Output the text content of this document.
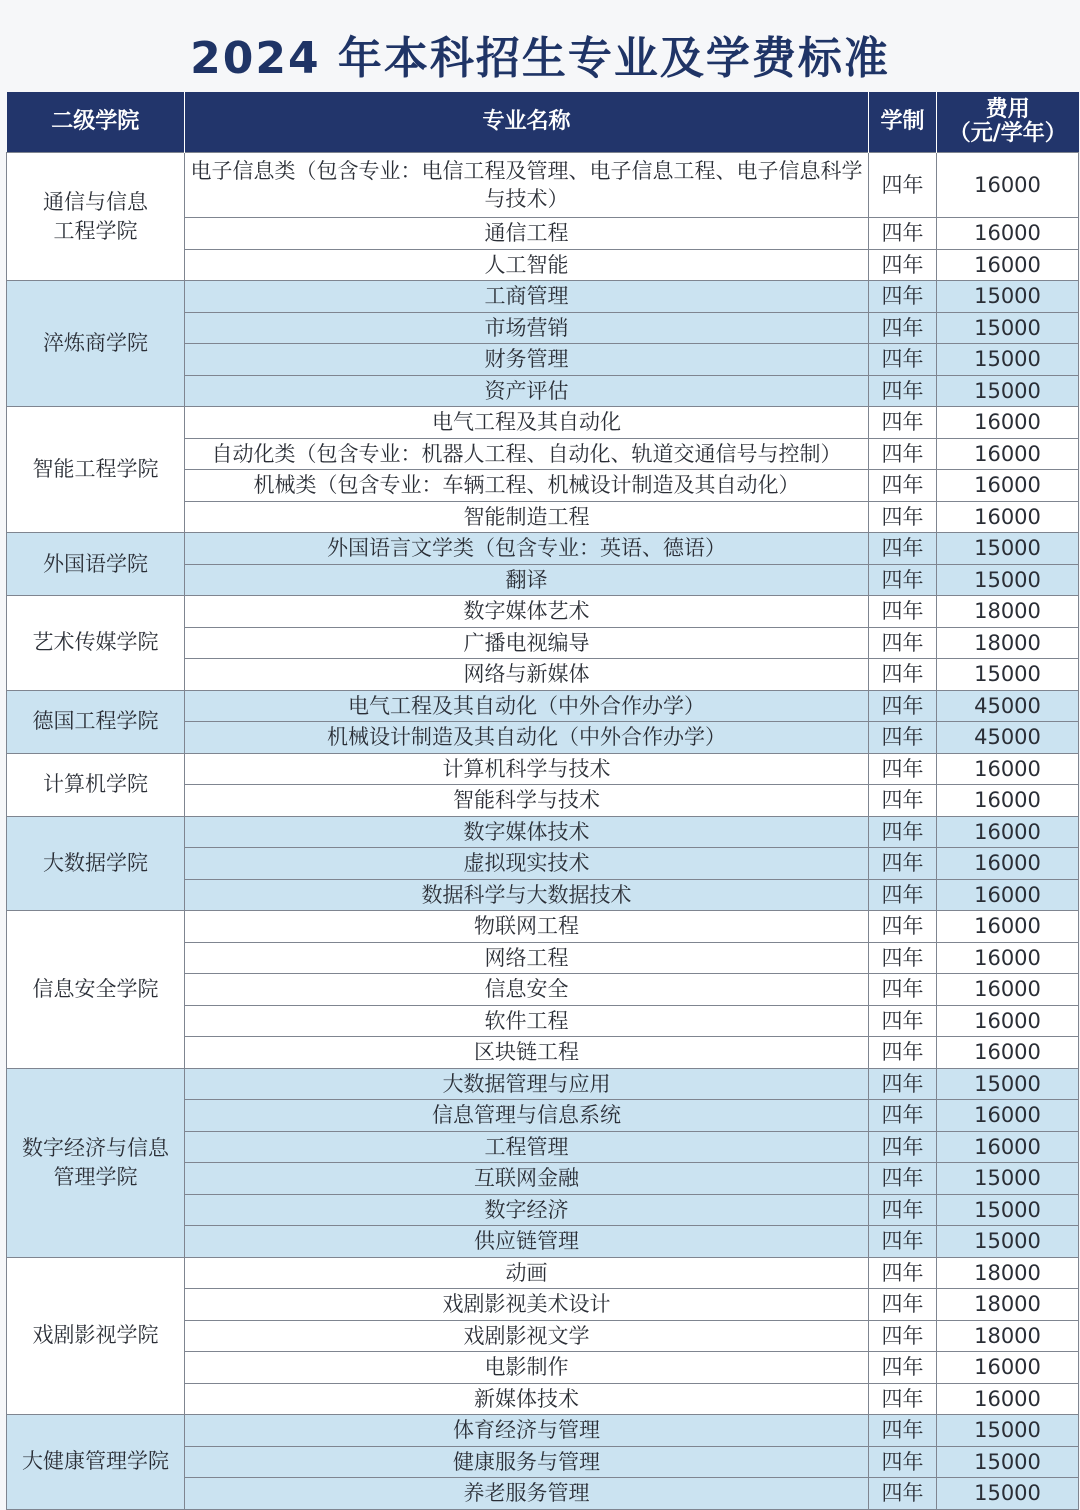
2024 年本科招生专业及学费标准
二级学院	专业名称	学制	费用
（元/学年）

通信与信息
工程学院	电子信息类（包含专业：电信工程及管理、电子信息工程、电子信息科学与技术）	四年	16000
	通信工程	四年	16000
	人工智能	四年	16000

淬炼商学院	工商管理	四年	15000
	市场营销	四年	15000
	财务管理	四年	15000
	资产评估	四年	15000

智能工程学院	电气工程及其自动化	四年	16000
	自动化类（包含专业：机器人工程、自动化、轨道交通信号与控制）	四年	16000
	机械类（包含专业：车辆工程、机械设计制造及其自动化）	四年	16000
	智能制造工程	四年	16000

外国语学院	外国语言文学类（包含专业：英语、德语）	四年	15000
	翻译	四年	15000

艺术传媒学院	数字媒体艺术	四年	18000
	广播电视编导	四年	18000
	网络与新媒体	四年	15000

德国工程学院	电气工程及其自动化（中外合作办学）	四年	45000
	机械设计制造及其自动化（中外合作办学）	四年	45000

计算机学院	计算机科学与技术	四年	16000
	智能科学与技术	四年	16000

大数据学院	数字媒体技术	四年	16000
	虚拟现实技术	四年	16000
	数据科学与大数据技术	四年	16000

信息安全学院	物联网工程	四年	16000
	网络工程	四年	16000
	信息安全	四年	16000
	软件工程	四年	16000
	区块链工程	四年	16000

数字经济与信息
管理学院	大数据管理与应用	四年	15000
	信息管理与信息系统	四年	16000
	工程管理	四年	16000
	互联网金融	四年	15000
	数字经济	四年	15000
	供应链管理	四年	15000

戏剧影视学院	动画	四年	18000
	戏剧影视美术设计	四年	18000
	戏剧影视文学	四年	18000
	电影制作	四年	16000
	新媒体技术	四年	16000

大健康管理学院	体育经济与管理	四年	15000
	健康服务与管理	四年	15000
	养老服务管理	四年	15000
